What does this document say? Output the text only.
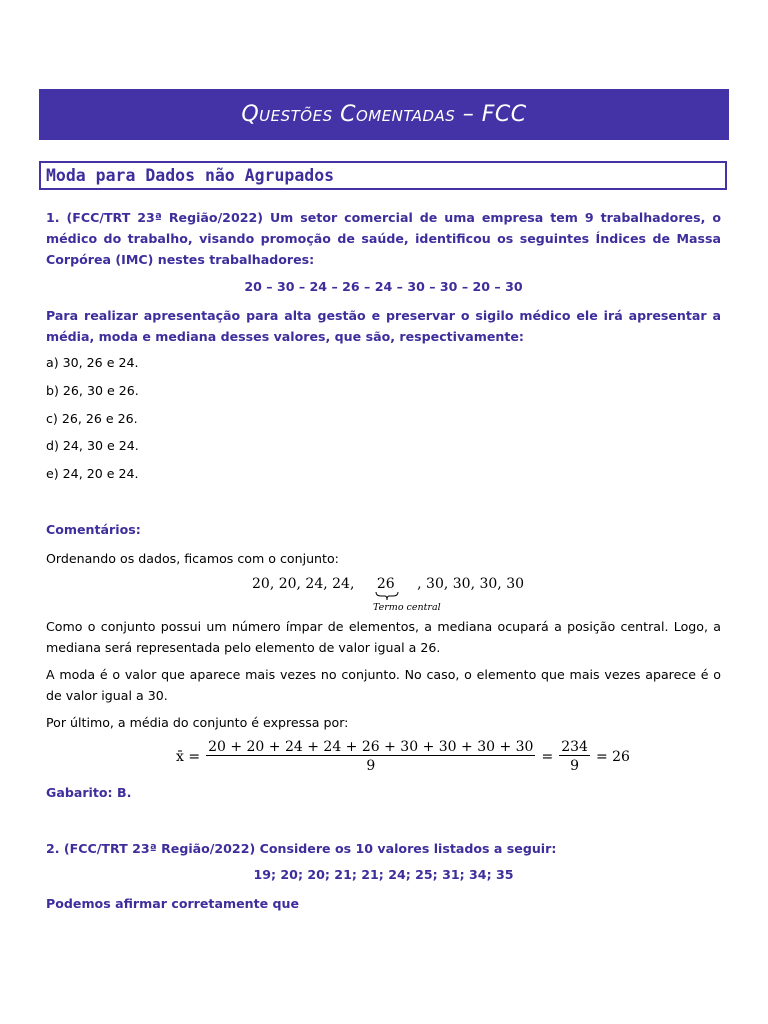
Questões Comentadas – FCC
Moda para Dados não Agrupados
1. (FCC/TRT 23ª Região/2022) Um setor comercial de uma empresa tem 9 trabalhadores, o médico do trabalho, visando promoção de saúde, identificou os seguintes Índices de Massa Corpórea (IMC) nestes trabalhadores:
20 – 30 – 24 – 26 – 24 – 30 – 30 – 20 – 30
Para realizar apresentação para alta gestão e preservar o sigilo médico ele irá apresentar a média, moda e mediana desses valores, que são, respectivamente:
a) 30, 26 e 24.
b) 26, 30 e 26.
c) 26, 26 e 26.
d) 24, 30 e 24.
e) 24, 20 e 24.
Comentários:
Ordenando os dados, ficamos com o conjunto:
20, 20, 24, 24, 26
Termo central
, 30, 30, 30, 30
Como o conjunto possui um número ímpar de elementos, a mediana ocupará a posição central. Logo, a mediana será representada pelo elemento de valor igual a 26.
A moda é o valor que aparece mais vezes no conjunto. No caso, o elemento que mais vezes aparece é o de valor igual a 30.
Por último, a média do conjunto é expressa por:
x̄ = $\frac{20 + 20 + 24 + 24 + 26 + 30 + 30 + 30 + 30}{9} = \frac{234}{9} = 26$
Gabarito: B.
2. (FCC/TRT 23ª Região/2022) Considere os 10 valores listados a seguir:
19; 20; 20; 21; 21; 24; 25; 31; 34; 35
Podemos afirmar corretamente que
